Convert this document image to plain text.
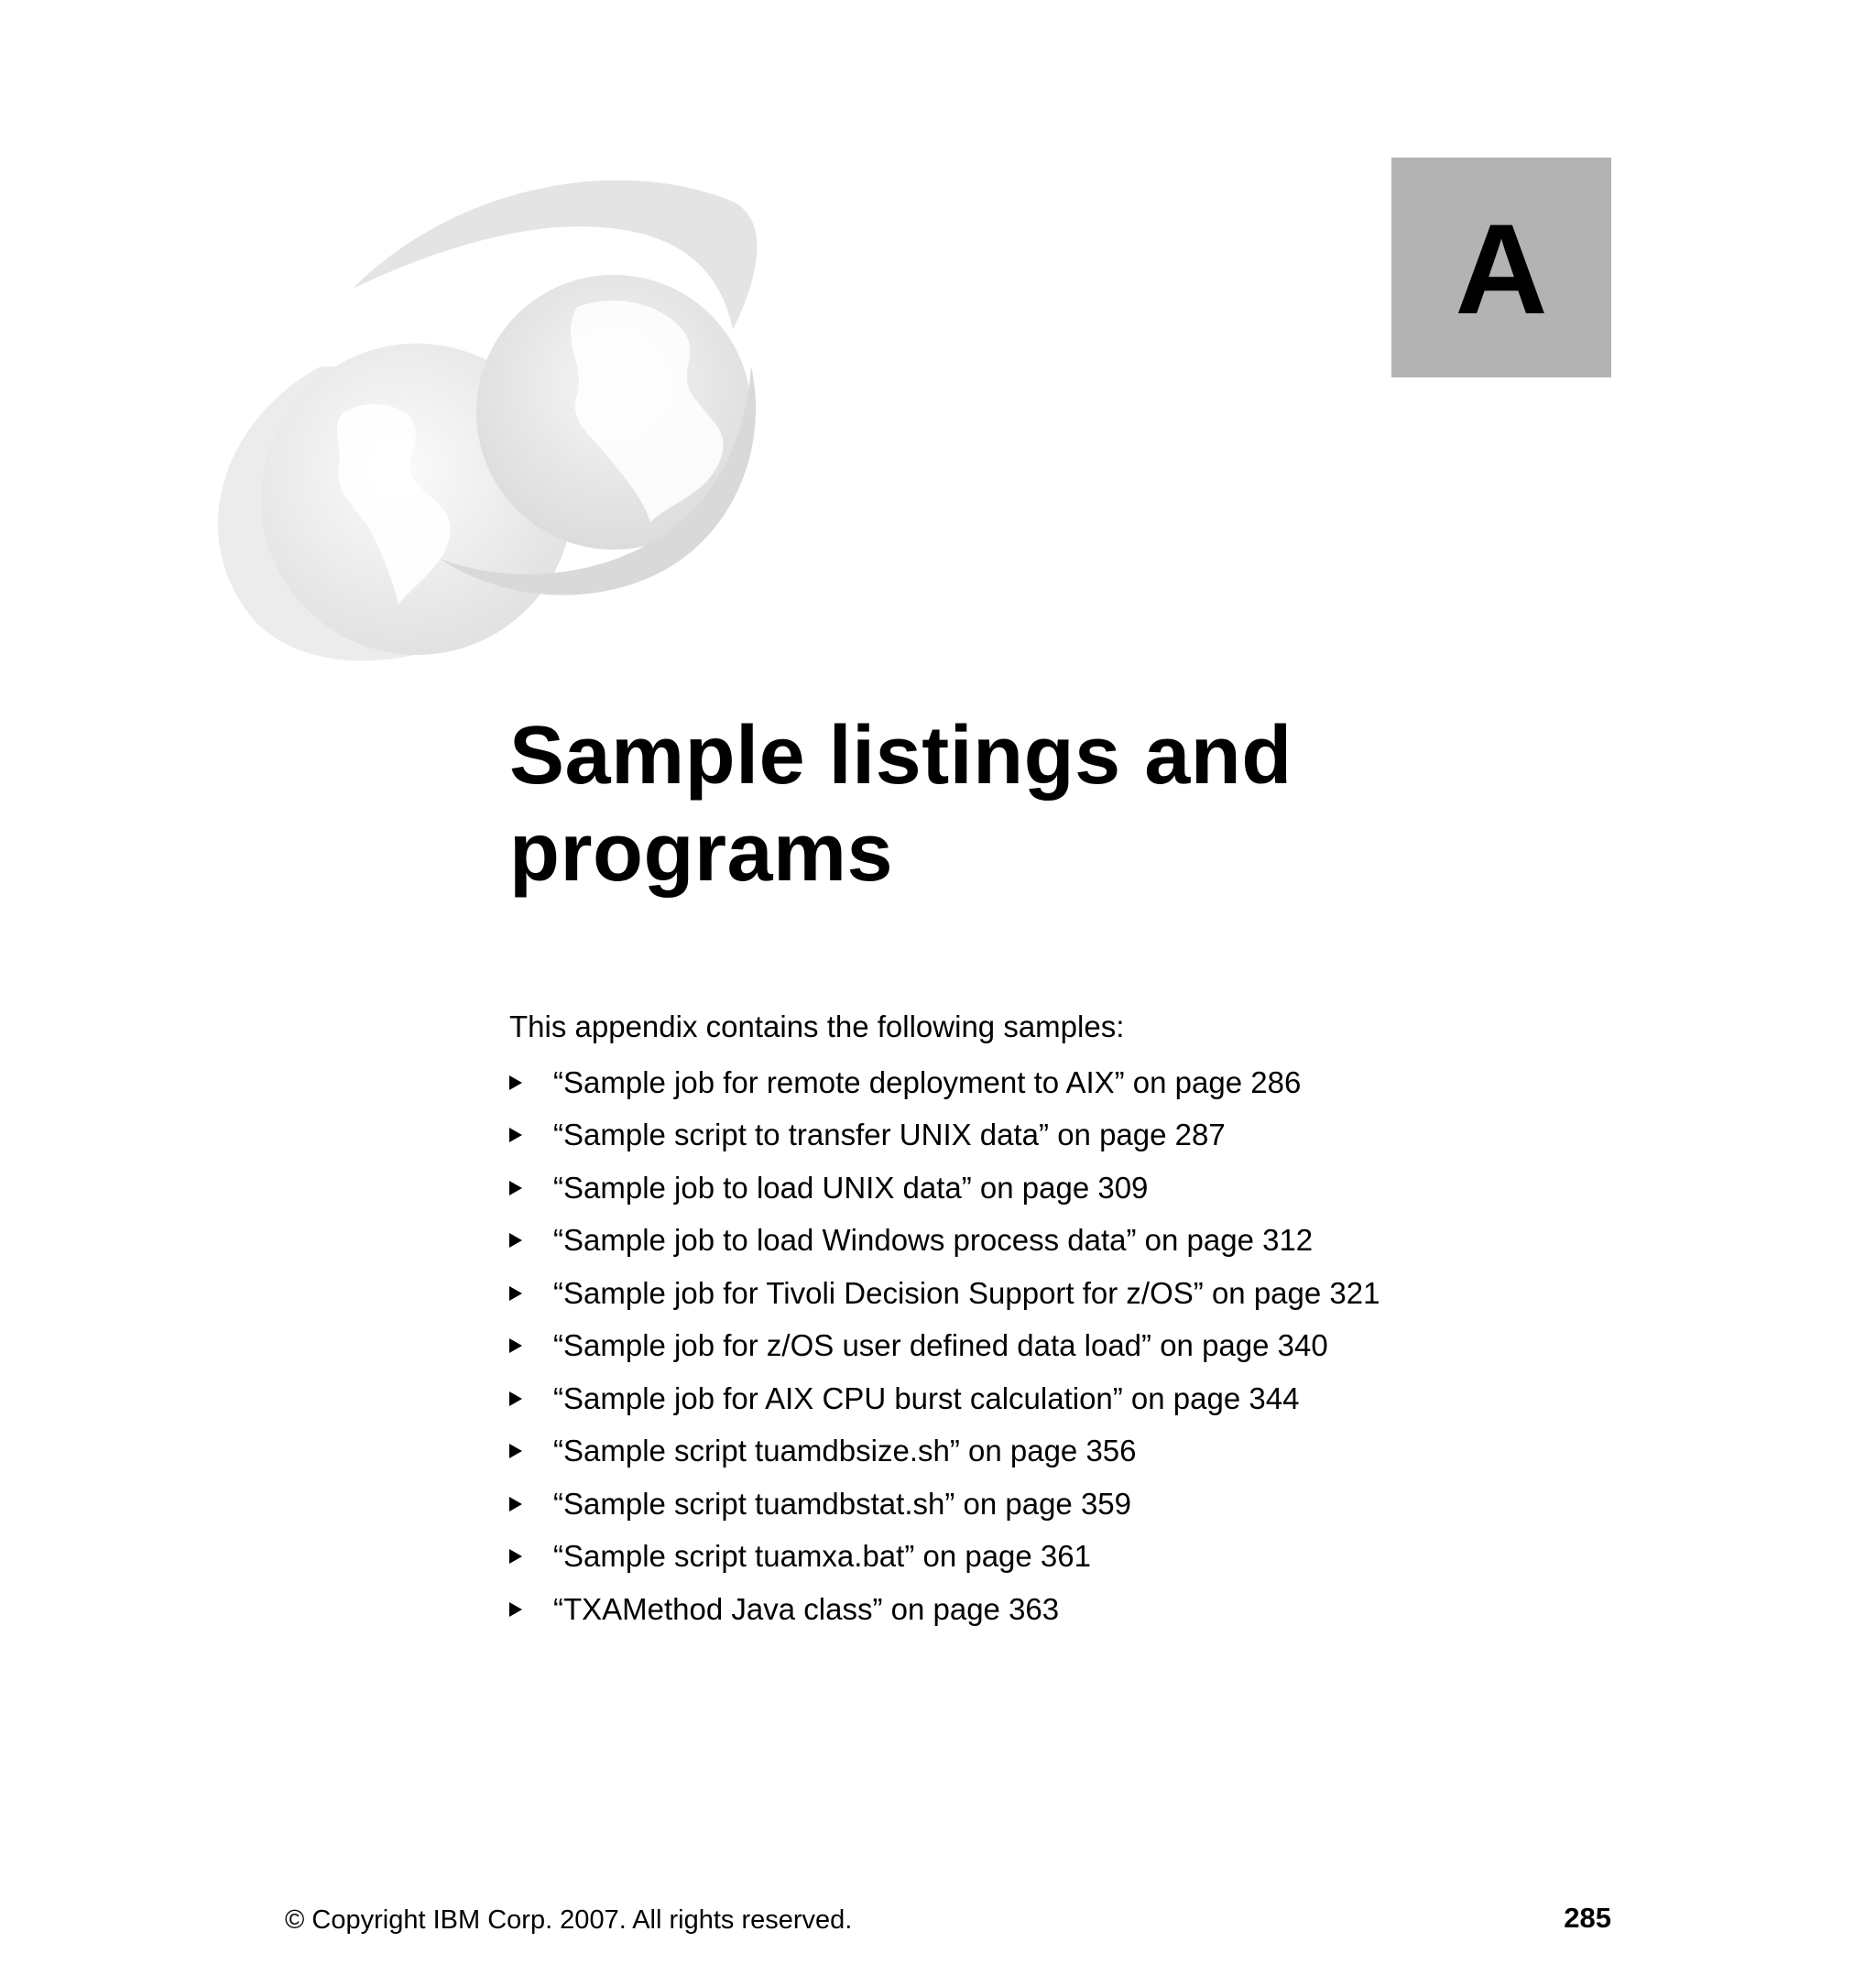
A
Sample listings and
programs

This appendix contains the following samples:

“Sample job for remote deployment to AIX” on page 286
“Sample script to transfer UNIX data” on page 287
“Sample job to load UNIX data” on page 309
“Sample job to load Windows process data” on page 312
“Sample job for Tivoli Decision Support for z/OS” on page 321
“Sample job for z/OS user defined data load” on page 340
“Sample job for AIX CPU burst calculation” on page 344
“Sample script tuamdbsize.sh” on page 356
“Sample script tuamdbstat.sh” on page 359
“Sample script tuamxa.bat” on page 361
“TXAMethod Java class” on page 363
© Copyright IBM Corp. 2007. All rights reserved.	285
